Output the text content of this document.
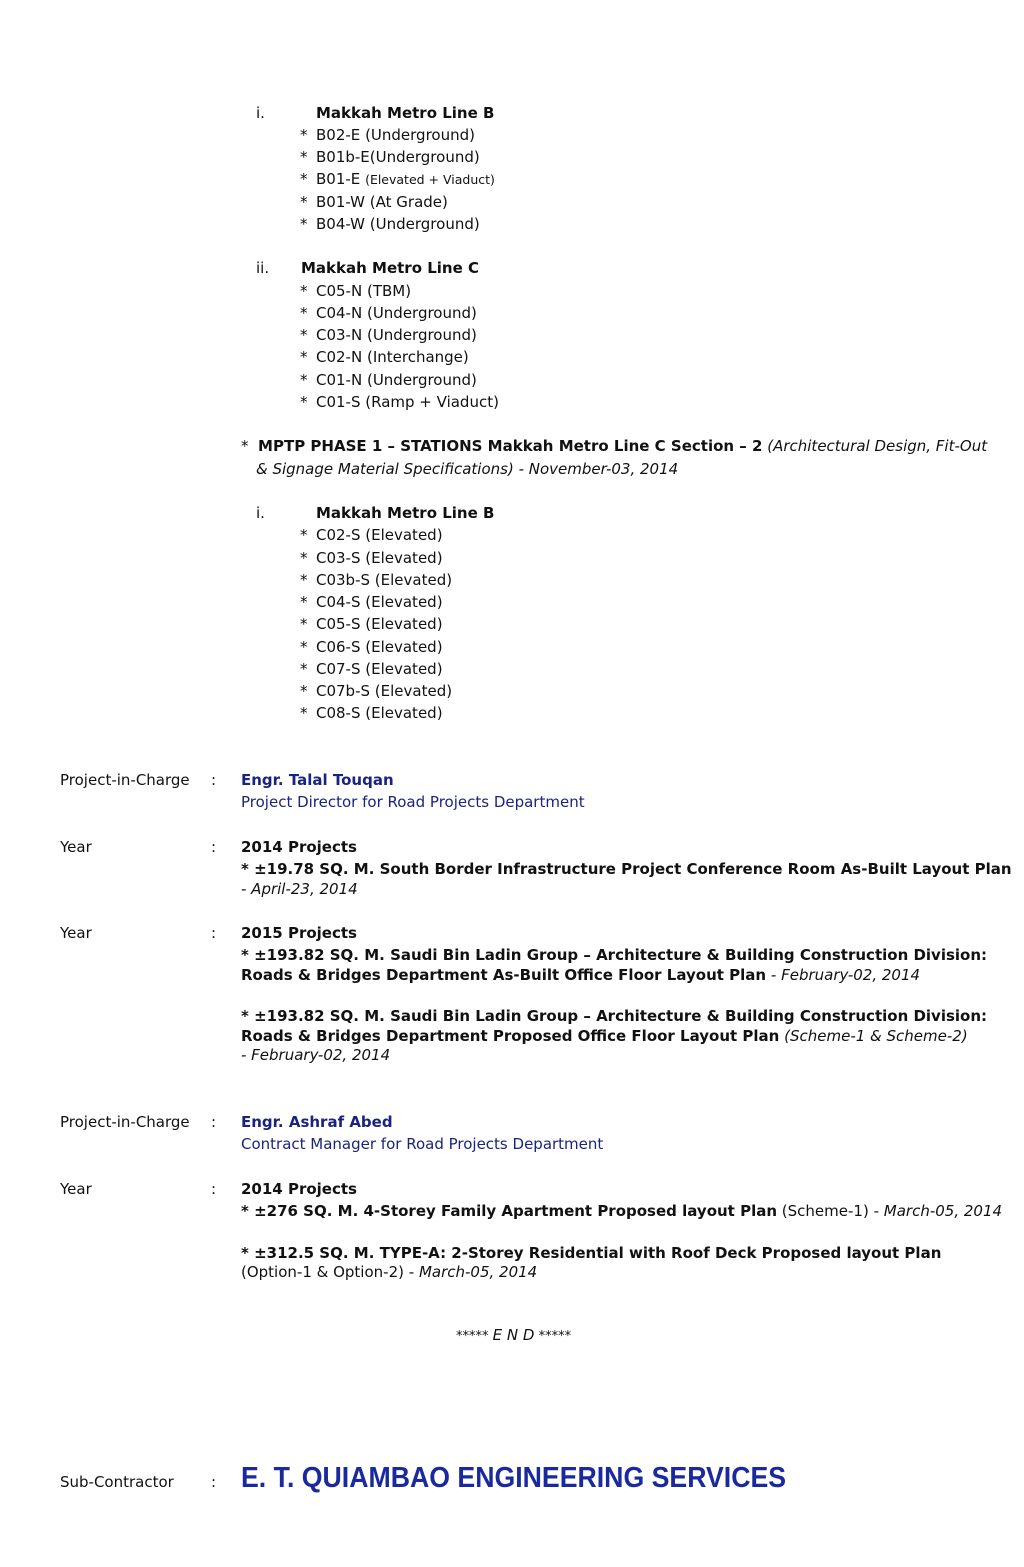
i.	Makkah Metro Line B
* B02-E (Underground)
* B01b-E(Underground)
* B01-E (Elevated + Viaduct)
* B01-W (At Grade)
* B04-W (Underground)
ii. Makkah Metro Line C
* C05-N (TBM)
* C04-N (Underground)
* C03-N (Underground)
* C02-N (Interchange)
* C01-N (Underground)
* C01-S (Ramp + Viaduct)
* MPTP PHASE 1 – STATIONS Makkah Metro Line C Section – 2 (Architectural Design, Fit-Out
& Signage Material Specifications) - November-03, 2014
i.	Makkah Metro Line B
* C02-S (Elevated)
* C03-S (Elevated)
* C03b-S (Elevated)
* C04-S (Elevated)
* C05-S (Elevated)
* C06-S (Elevated)
* C07-S (Elevated)
* C07b-S (Elevated)
* C08-S (Elevated)
Project-in-Charge : Engr. Talal Touqan
Project Director for Road Projects Department
Year	: 2014 Projects
* ±19.78 SQ. M. South Border Infrastructure Project Conference Room As-Built Layout Plan
- April-23, 2014
Year	: 2015 Projects
* ±193.82 SQ. M. Saudi Bin Ladin Group – Architecture & Building Construction Division:
Roads & Bridges Department As-Built Office Floor Layout Plan - February-02, 2014
* ±193.82 SQ. M. Saudi Bin Ladin Group – Architecture & Building Construction Division:
Roads & Bridges Department Proposed Office Floor Layout Plan (Scheme-1 & Scheme-2)
- February-02, 2014
Project-in-Charge : Engr. Ashraf Abed
Contract Manager for Road Projects Department
Year	: 2014 Projects
* ±276 SQ. M. 4-Storey Family Apartment Proposed layout Plan (Scheme-1) - March-05, 2014
* ±312.5 SQ. M. TYPE-A: 2-Storey Residential with Roof Deck Proposed layout Plan
(Option-1 & Option-2) - March-05, 2014
***** E N D *****
Sub-Contractor : E. T. QUIAMBAO ENGINEERING SERVICES
